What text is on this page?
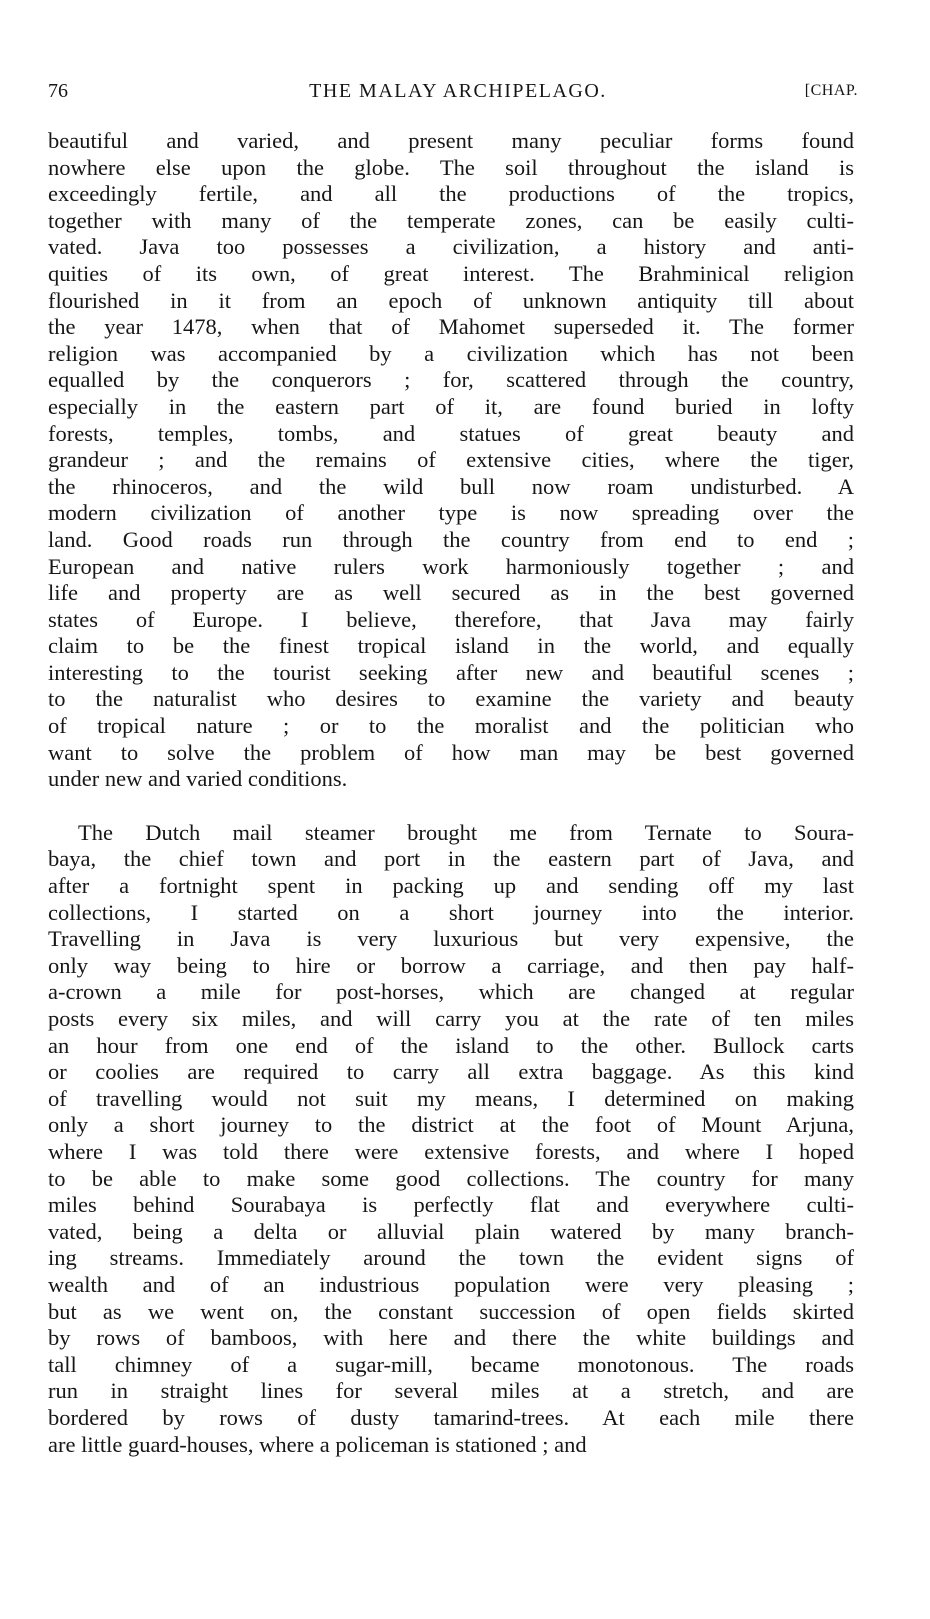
76	THE MALAY ARCHIPELAGO.	[CHAP.
beautiful and varied, and present many peculiar forms found
nowhere else upon the globe. The soil throughout the island is
exceedingly fertile, and all the productions of the tropics,
together with many of the temperate zones, can be easily culti-
vated. Java too possesses a civilization, a history and anti-
quities of its own, of great interest. The Brahminical religion
flourished in it from an epoch of unknown antiquity till about
the year 1478, when that of Mahomet superseded it. The former
religion was accompanied by a civilization which has not been
equalled by the conquerors ; for, scattered through the country,
especially in the eastern part of it, are found buried in lofty
forests, temples, tombs, and statues of great beauty and
grandeur ; and the remains of extensive cities, where the tiger,
the rhinoceros, and the wild bull now roam undisturbed. A
modern civilization of another type is now spreading over the
land. Good roads run through the country from end to end ;
European and native rulers work harmoniously together ; and
life and property are as well secured as in the best governed
states of Europe. I believe, therefore, that Java may fairly
claim to be the finest tropical island in the world, and equally
interesting to the tourist seeking after new and beautiful scenes ;
to the naturalist who desires to examine the variety and beauty
of tropical nature ; or to the moralist and the politician who
want to solve the problem of how man may be best governed
under new and varied conditions.
The Dutch mail steamer brought me from Ternate to Soura-
baya, the chief town and port in the eastern part of Java, and
after a fortnight spent in packing up and sending off my last
collections, I started on a short journey into the interior.
Travelling in Java is very luxurious but very expensive, the
only way being to hire or borrow a carriage, and then pay half-
a-crown a mile for post-horses, which are changed at regular
posts every six miles, and will carry you at the rate of ten miles
an hour from one end of the island to the other. Bullock carts
or coolies are required to carry all extra baggage. As this kind
of travelling would not suit my means, I determined on making
only a short journey to the district at the foot of Mount Arjuna,
where I was told there were extensive forests, and where I hoped
to be able to make some good collections. The country for many
miles behind Sourabaya is perfectly flat and everywhere culti-
vated, being a delta or alluvial plain watered by many branch-
ing streams. Immediately around the town the evident signs of
wealth and of an industrious population were very pleasing ;
but as we went on, the constant succession of open fields skirted
by rows of bamboos, with here and there the white buildings and
tall chimney of a sugar-mill, became monotonous. The roads
run in straight lines for several miles at a stretch, and are
bordered by rows of dusty tamarind-trees. At each mile there
are little guard-houses, where a policeman is stationed ; and
